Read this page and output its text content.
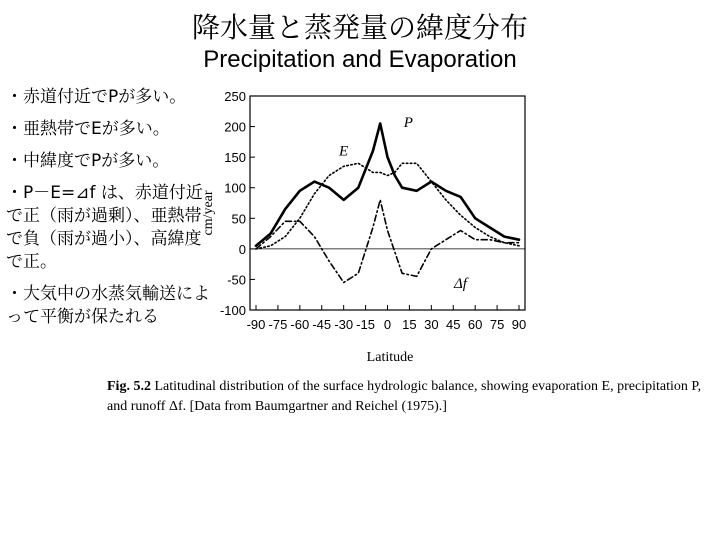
降水量と蒸発量の緯度分布
Precipitation and Evaporation
・赤道付近でPが多い。
・亜熱帯でEが多い。
・中緯度でPが多い。
・P－E=⊿f は、赤道付近で正（雨が過剰）、亜熱帯で負（雨が過小）、高緯度で正。
・大気中の水蒸気輸送によって平衡が保たれる	-100
-50
0
50
100
150
200
250
-90 -75 -60 -45 -30 -15 0 15 30 45 60 75 90
P
E
Δf
Latitude
cm/year
Fig. 5.2 Latitudinal distribution of the surface hydrologic balance, showing evaporation E, precipitation P, and runoff Δf. [Data from Baumgartner and Reichel (1975).]
